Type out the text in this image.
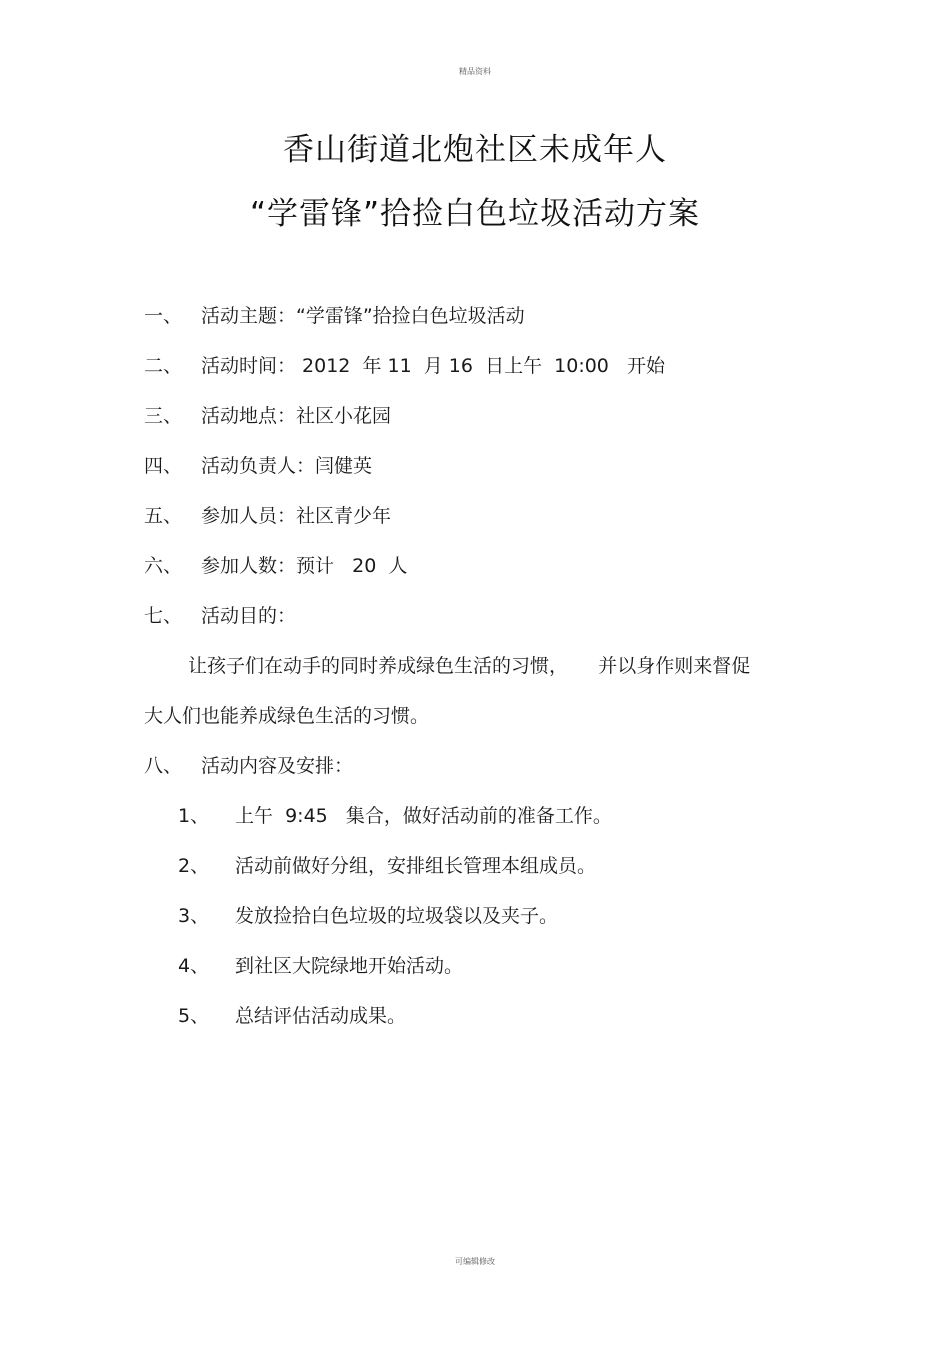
精品资料
香山街道北炮社区未成年人
“学雷锋”拾捡白色垃圾活动方案
一、 活动主题：“学雷锋”拾捡白色垃圾活动
二、 活动时间： 2012  年 11  月 16  日上午  10:00   开始
三、 活动地点：社区小花园
四、 活动负责人：闫健英
五、 参加人员：社区青少年
六、 参加人数：预计   20  人
七、 活动目的：
让孩子们在动手的同时养成绿色生活的习惯，     并以身作则来督促
大人们也能养成绿色生活的习惯。
八、 活动内容及安排：
1、 上午  9:45   集合，做好活动前的准备工作。
2、 活动前做好分组，安排组长管理本组成员。
3、 发放捡拾白色垃圾的垃圾袋以及夹子。
4、 到社区大院绿地开始活动。
5、 总结评估活动成果。
可编辑修改
